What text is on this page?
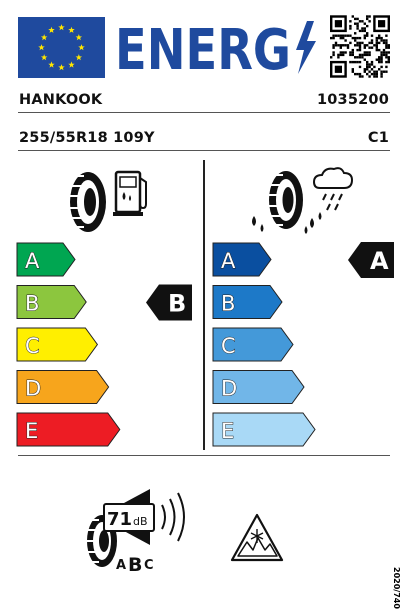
ENERG
HANKOOK	1035200
255/55R18 109Y	C1
A
B
C
D
E
B
A
B
C
D
E
A
71 dB
A B C
2020/740
